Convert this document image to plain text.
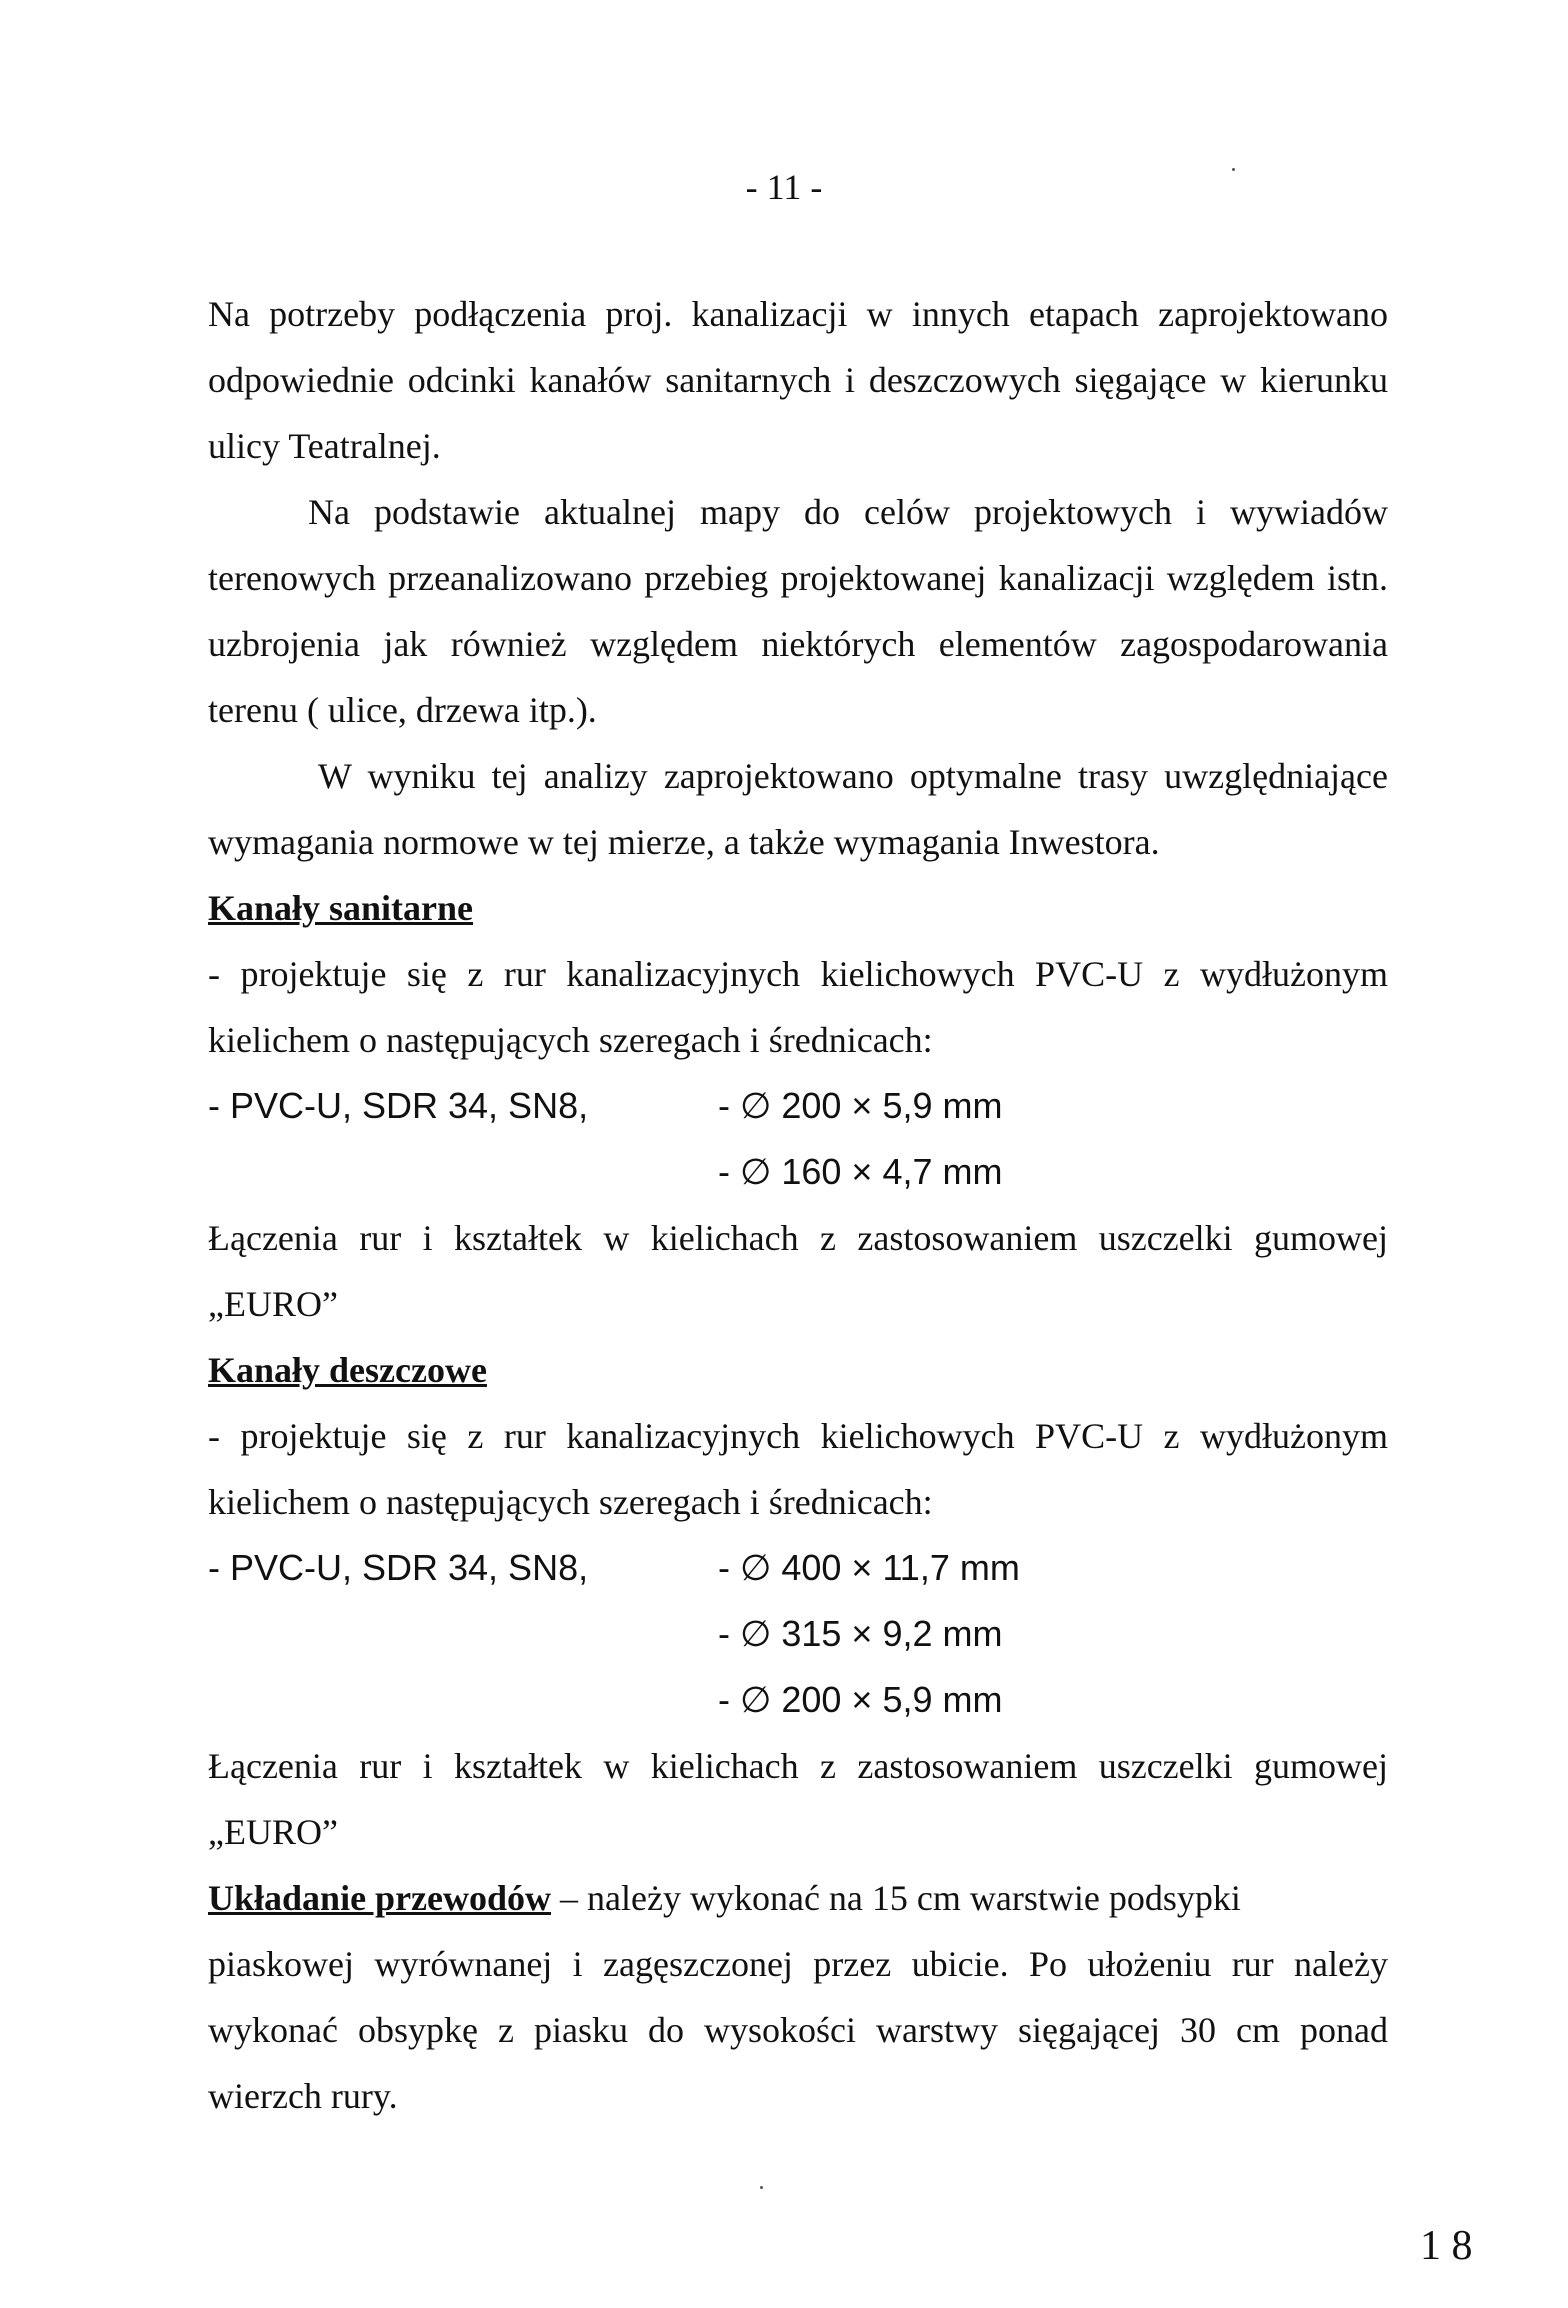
- 11 -
Na potrzeby podłączenia proj. kanalizacji w innych etapach zaprojektowano
odpowiednie odcinki kanałów sanitarnych i deszczowych sięgające w kierunku
ulicy Teatralnej.
Na podstawie aktualnej mapy do celów projektowych i wywiadów
terenowych przeanalizowano przebieg projektowanej kanalizacji względem istn.
uzbrojenia jak również względem niektórych elementów zagospodarowania
terenu ( ulice, drzewa itp.).
W wyniku tej analizy zaprojektowano optymalne trasy uwzględniające
wymagania normowe w tej mierze, a także wymagania Inwestora.
Kanały sanitarne
- projektuje się z rur kanalizacyjnych kielichowych PVC-U z wydłużonym
kielichem o następujących szeregach i średnicach:
- PVC-U, SDR 34, SN8,	- ∅ 200 × 5,9 mm
- ∅ 160 × 4,7 mm
Łączenia rur i kształtek w kielichach z zastosowaniem uszczelki gumowej
„EURO”
Kanały deszczowe
- projektuje się z rur kanalizacyjnych kielichowych PVC-U z wydłużonym
kielichem o następujących szeregach i średnicach:
- PVC-U, SDR 34, SN8,	- ∅ 400 × 11,7 mm
- ∅ 315 × 9,2 mm
- ∅ 200 × 5,9 mm
Łączenia rur i kształtek w kielichach z zastosowaniem uszczelki gumowej
„EURO”
Układanie przewodów – należy wykonać na 15 cm warstwie podsypki
piaskowej wyrównanej i zagęszczonej przez ubicie. Po ułożeniu rur należy
wykonać obsypkę z piasku do wysokości warstwy sięgającej 30 cm ponad
wierzch rury.
1 8
